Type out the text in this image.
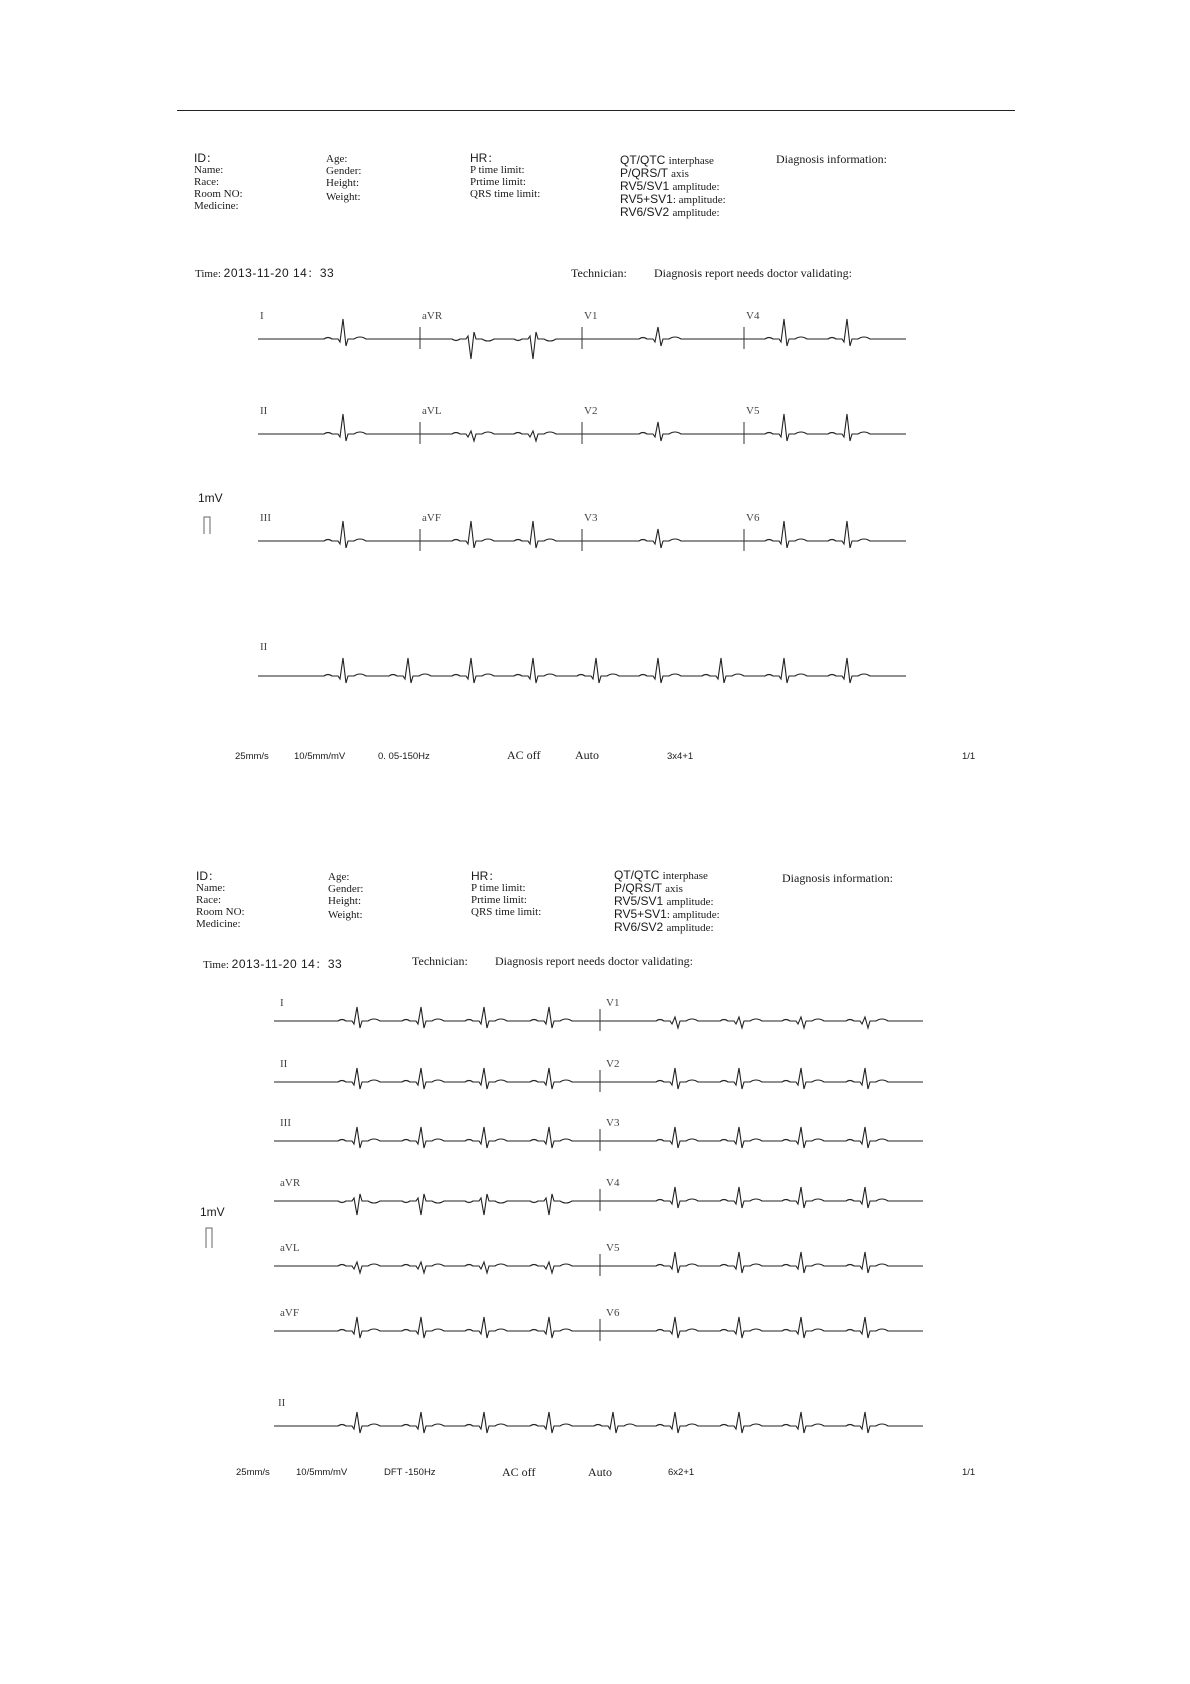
ID：
Name:
Race:
Room NO:
Medicine:
Age:
Gender:
Height:
Weight:
HR：
P time limit:
Prtime limit:
QRS time limit:
QT/QTC interphase
P/QRS/T axis
RV5/SV1 amplitude:
RV5+SV1: amplitude:
RV6/SV2 amplitude:
Diagnosis information:
Time: 2013-11-20 14：33	Technician: Diagnosis report needs doctor validating:
1mV
I	aVR	V1	V4
II	aVL	V2	V5
III	aVF	V3	V6
II
25mm/s	10/5mm/mV	0. 05-150Hz	AC off	Auto	3x4+1	1/1
ID：
Name:
Race:
Room NO:
Medicine:
Age:
Gender:
Height:
Weight:
HR：
P time limit:
Prtime limit:
QRS time limit:
QT/QTC interphase
P/QRS/T axis
RV5/SV1 amplitude:
RV5+SV1: amplitude:
RV6/SV2 amplitude:
Diagnosis information:
Time: 2013-11-20 14：33	Technician: Diagnosis report needs doctor validating:
1mV
I	V1
II	V2
III	V3
aVR	V4
aVL	V5
aVF	V6
II
25mm/s	10/5mm/mV	DFT -150Hz	AC off	Auto	6x2+1	1/1
